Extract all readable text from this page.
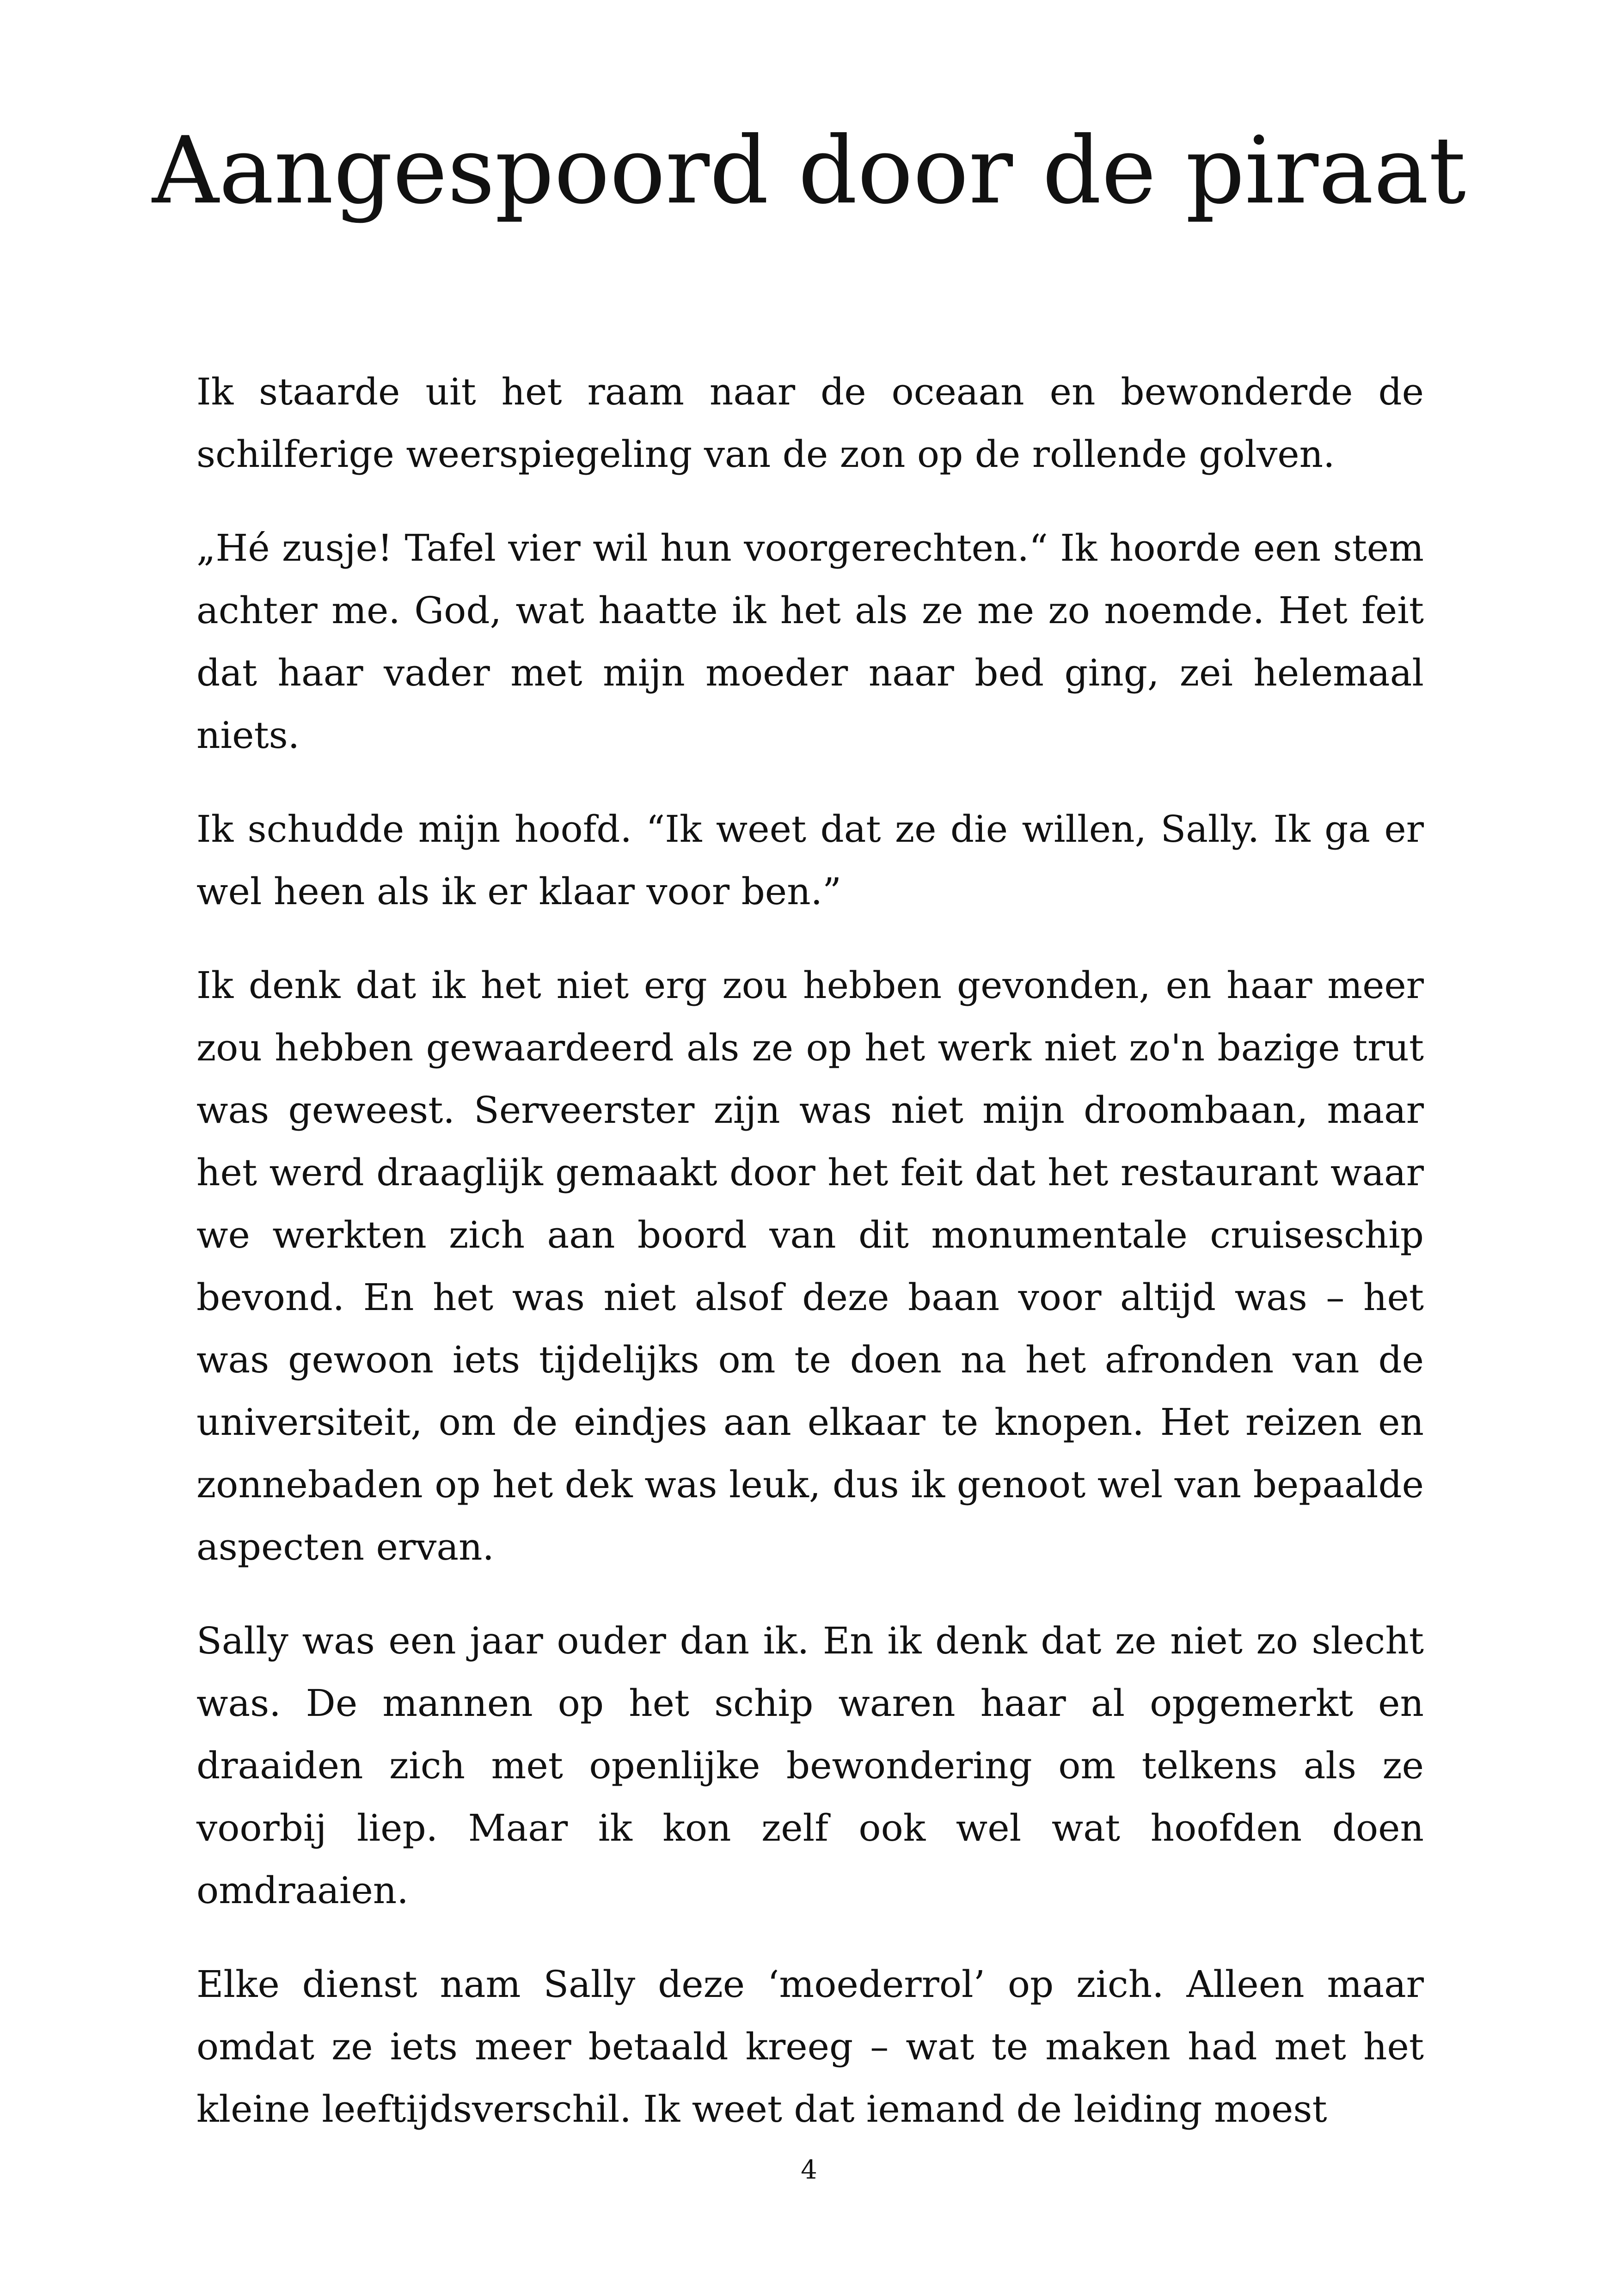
Aangespoord door de piraat

Ik staarde uit het raam naar de oceaan en bewonderde de schilferige weerspiegeling van de zon op de rollende golven.

„Hé zusje! Tafel vier wil hun voorgerechten.“ Ik hoorde een stem achter me. God, wat haatte ik het als ze me zo noemde. Het feit dat haar vader met mijn moeder naar bed ging, zei helemaal niets.

Ik schudde mijn hoofd. “Ik weet dat ze die willen, Sally. Ik ga er wel heen als ik er klaar voor ben.”

Ik denk dat ik het niet erg zou hebben gevonden, en haar meer zou hebben gewaardeerd als ze op het werk niet zo'n bazige trut was geweest. Serveerster zijn was niet mijn droombaan, maar het werd draaglijk gemaakt door het feit dat het restaurant waar we werkten zich aan boord van dit monumentale cruiseschip bevond. En het was niet alsof deze baan voor altijd was – het was gewoon iets tijdelijks om te doen na het afronden van de universiteit, om de eindjes aan elkaar te knopen. Het reizen en zonnebaden op het dek was leuk, dus ik genoot wel van bepaalde aspecten ervan.

Sally was een jaar ouder dan ik. En ik denk dat ze niet zo slecht was. De mannen op het schip waren haar al opgemerkt en draaiden zich met openlijke bewondering om telkens als ze voorbij liep. Maar ik kon zelf ook wel wat hoofden doen omdraaien.

Elke dienst nam Sally deze ‘moederrol’ op zich. Alleen maar omdat ze iets meer betaald kreeg – wat te maken had met het kleine leeftijdsverschil. Ik weet dat iemand de leiding moest

4
